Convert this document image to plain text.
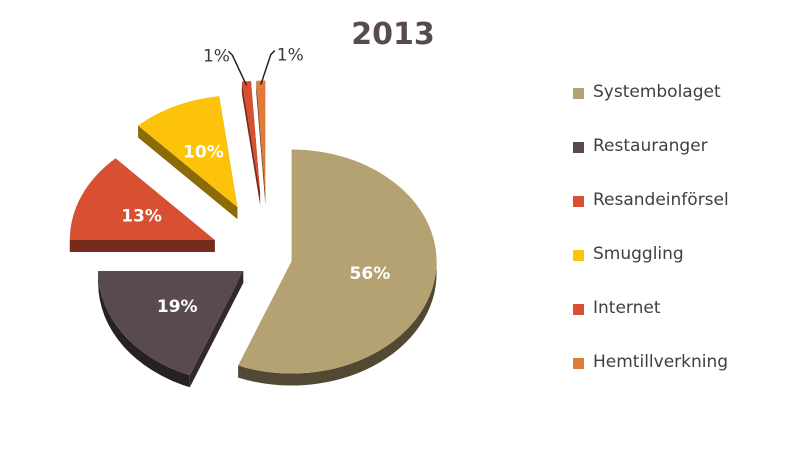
2013
56%
19%
13%
10%
1%	1%
Systembolaget
Restauranger
Resandeinförsel
Smuggling
Internet
Hemtillverkning
